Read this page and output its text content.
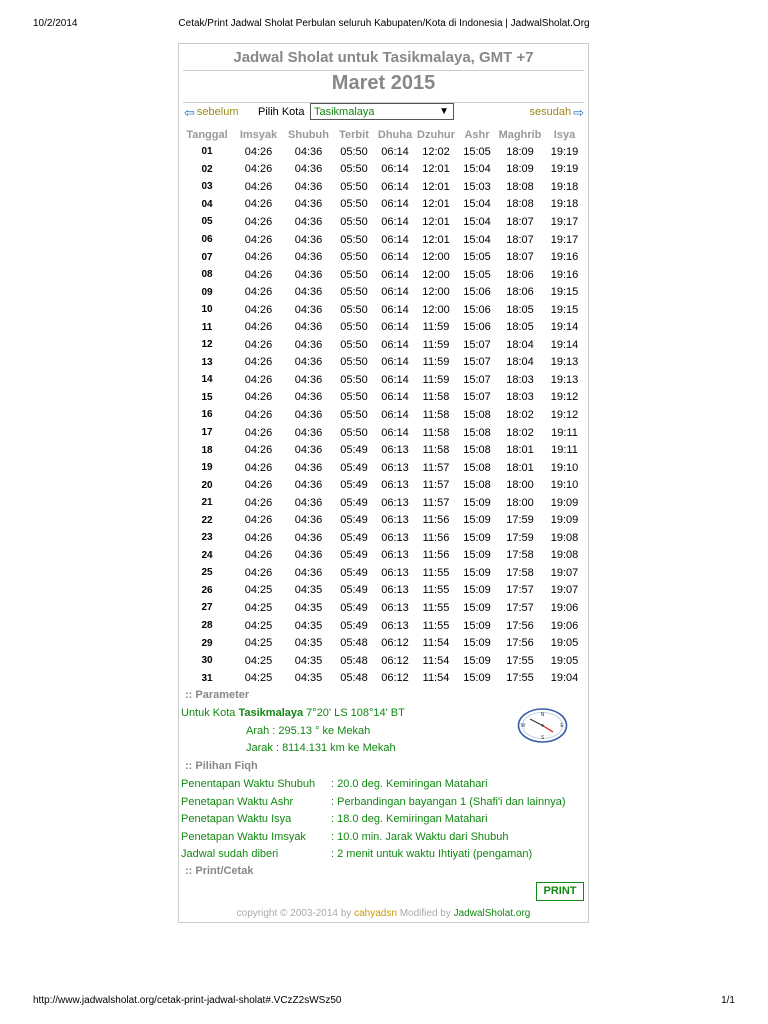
10/2/2014	Cetak/Print Jadwal Sholat Perbulan seluruh Kabupaten/Kota di Indonesia | JadwalSholat.Org
Jadwal Sholat untuk Tasikmalaya, GMT +7
Maret 2015
⇦ sebelum Pilih Kota Tasikmalaya	▼	sesudah ⇨
Tanggal	Imsyak	Shubuh	Terbit	Dhuha	Dzuhur	Ashr	Maghrib	Isya
01	04:26	04:36	05:50	06:14	12:02	15:05	18:09	19:19
02	04:26	04:36	05:50	06:14	12:01	15:04	18:09	19:19
03	04:26	04:36	05:50	06:14	12:01	15:03	18:08	19:18
04	04:26	04:36	05:50	06:14	12:01	15:04	18:08	19:18
05	04:26	04:36	05:50	06:14	12:01	15:04	18:07	19:17
06	04:26	04:36	05:50	06:14	12:01	15:04	18:07	19:17
07	04:26	04:36	05:50	06:14	12:00	15:05	18:07	19:16
08	04:26	04:36	05:50	06:14	12:00	15:05	18:06	19:16
09	04:26	04:36	05:50	06:14	12:00	15:06	18:06	19:15
10	04:26	04:36	05:50	06:14	12:00	15:06	18:05	19:15
11	04:26	04:36	05:50	06:14	11:59	15:06	18:05	19:14
12	04:26	04:36	05:50	06:14	11:59	15:07	18:04	19:14
13	04:26	04:36	05:50	06:14	11:59	15:07	18:04	19:13
14	04:26	04:36	05:50	06:14	11:59	15:07	18:03	19:13
15	04:26	04:36	05:50	06:14	11:58	15:07	18:03	19:12
16	04:26	04:36	05:50	06:14	11:58	15:08	18:02	19:12
17	04:26	04:36	05:50	06:14	11:58	15:08	18:02	19:11
18	04:26	04:36	05:49	06:13	11:58	15:08	18:01	19:11
19	04:26	04:36	05:49	06:13	11:57	15:08	18:01	19:10
20	04:26	04:36	05:49	06:13	11:57	15:08	18:00	19:10
21	04:26	04:36	05:49	06:13	11:57	15:09	18:00	19:09
22	04:26	04:36	05:49	06:13	11:56	15:09	17:59	19:09
23	04:26	04:36	05:49	06:13	11:56	15:09	17:59	19:08
24	04:26	04:36	05:49	06:13	11:56	15:09	17:58	19:08
25	04:26	04:36	05:49	06:13	11:55	15:09	17:58	19:07
26	04:25	04:35	05:49	06:13	11:55	15:09	17:57	19:07
27	04:25	04:35	05:49	06:13	11:55	15:09	17:57	19:06
28	04:25	04:35	05:49	06:13	11:55	15:09	17:56	19:06
29	04:25	04:35	05:48	06:12	11:54	15:09	17:56	19:05
30	04:25	04:35	05:48	06:12	11:54	15:09	17:55	19:05
31	04:25	04:35	05:48	06:12	11:54	15:09	17:55	19:04
:: Parameter
Untuk Kota Tasikmalaya 7°20' LS 108°14' BT
Arah : 295.13 ° ke Mekah
Jarak : 8114.131 km ke Mekah
N
E
S
W
:: Pilihan Fiqh
Penentapan Waktu Shubuh : 20.0 deg. Kemiringan Matahari
Penetapan Waktu Ashr	: Perbandingan bayangan 1 (Shafi'i dan lainnya)
Penetapan Waktu Isya	: 18.0 deg. Kemiringan Matahari
Penetapan Waktu Imsyak : 10.0 min. Jarak Waktu dari Shubuh
Jadwal sudah diberi	: 2 menit untuk waktu Ihtiyati (pengaman)
:: Print/Cetak
PRINT
copyright © 2003-2014 by cahyadsn Modified by JadwalSholat.org
http://www.jadwalsholat.org/cetak-print-jadwal-sholat#.VCzZ2sWSz50	1/1
